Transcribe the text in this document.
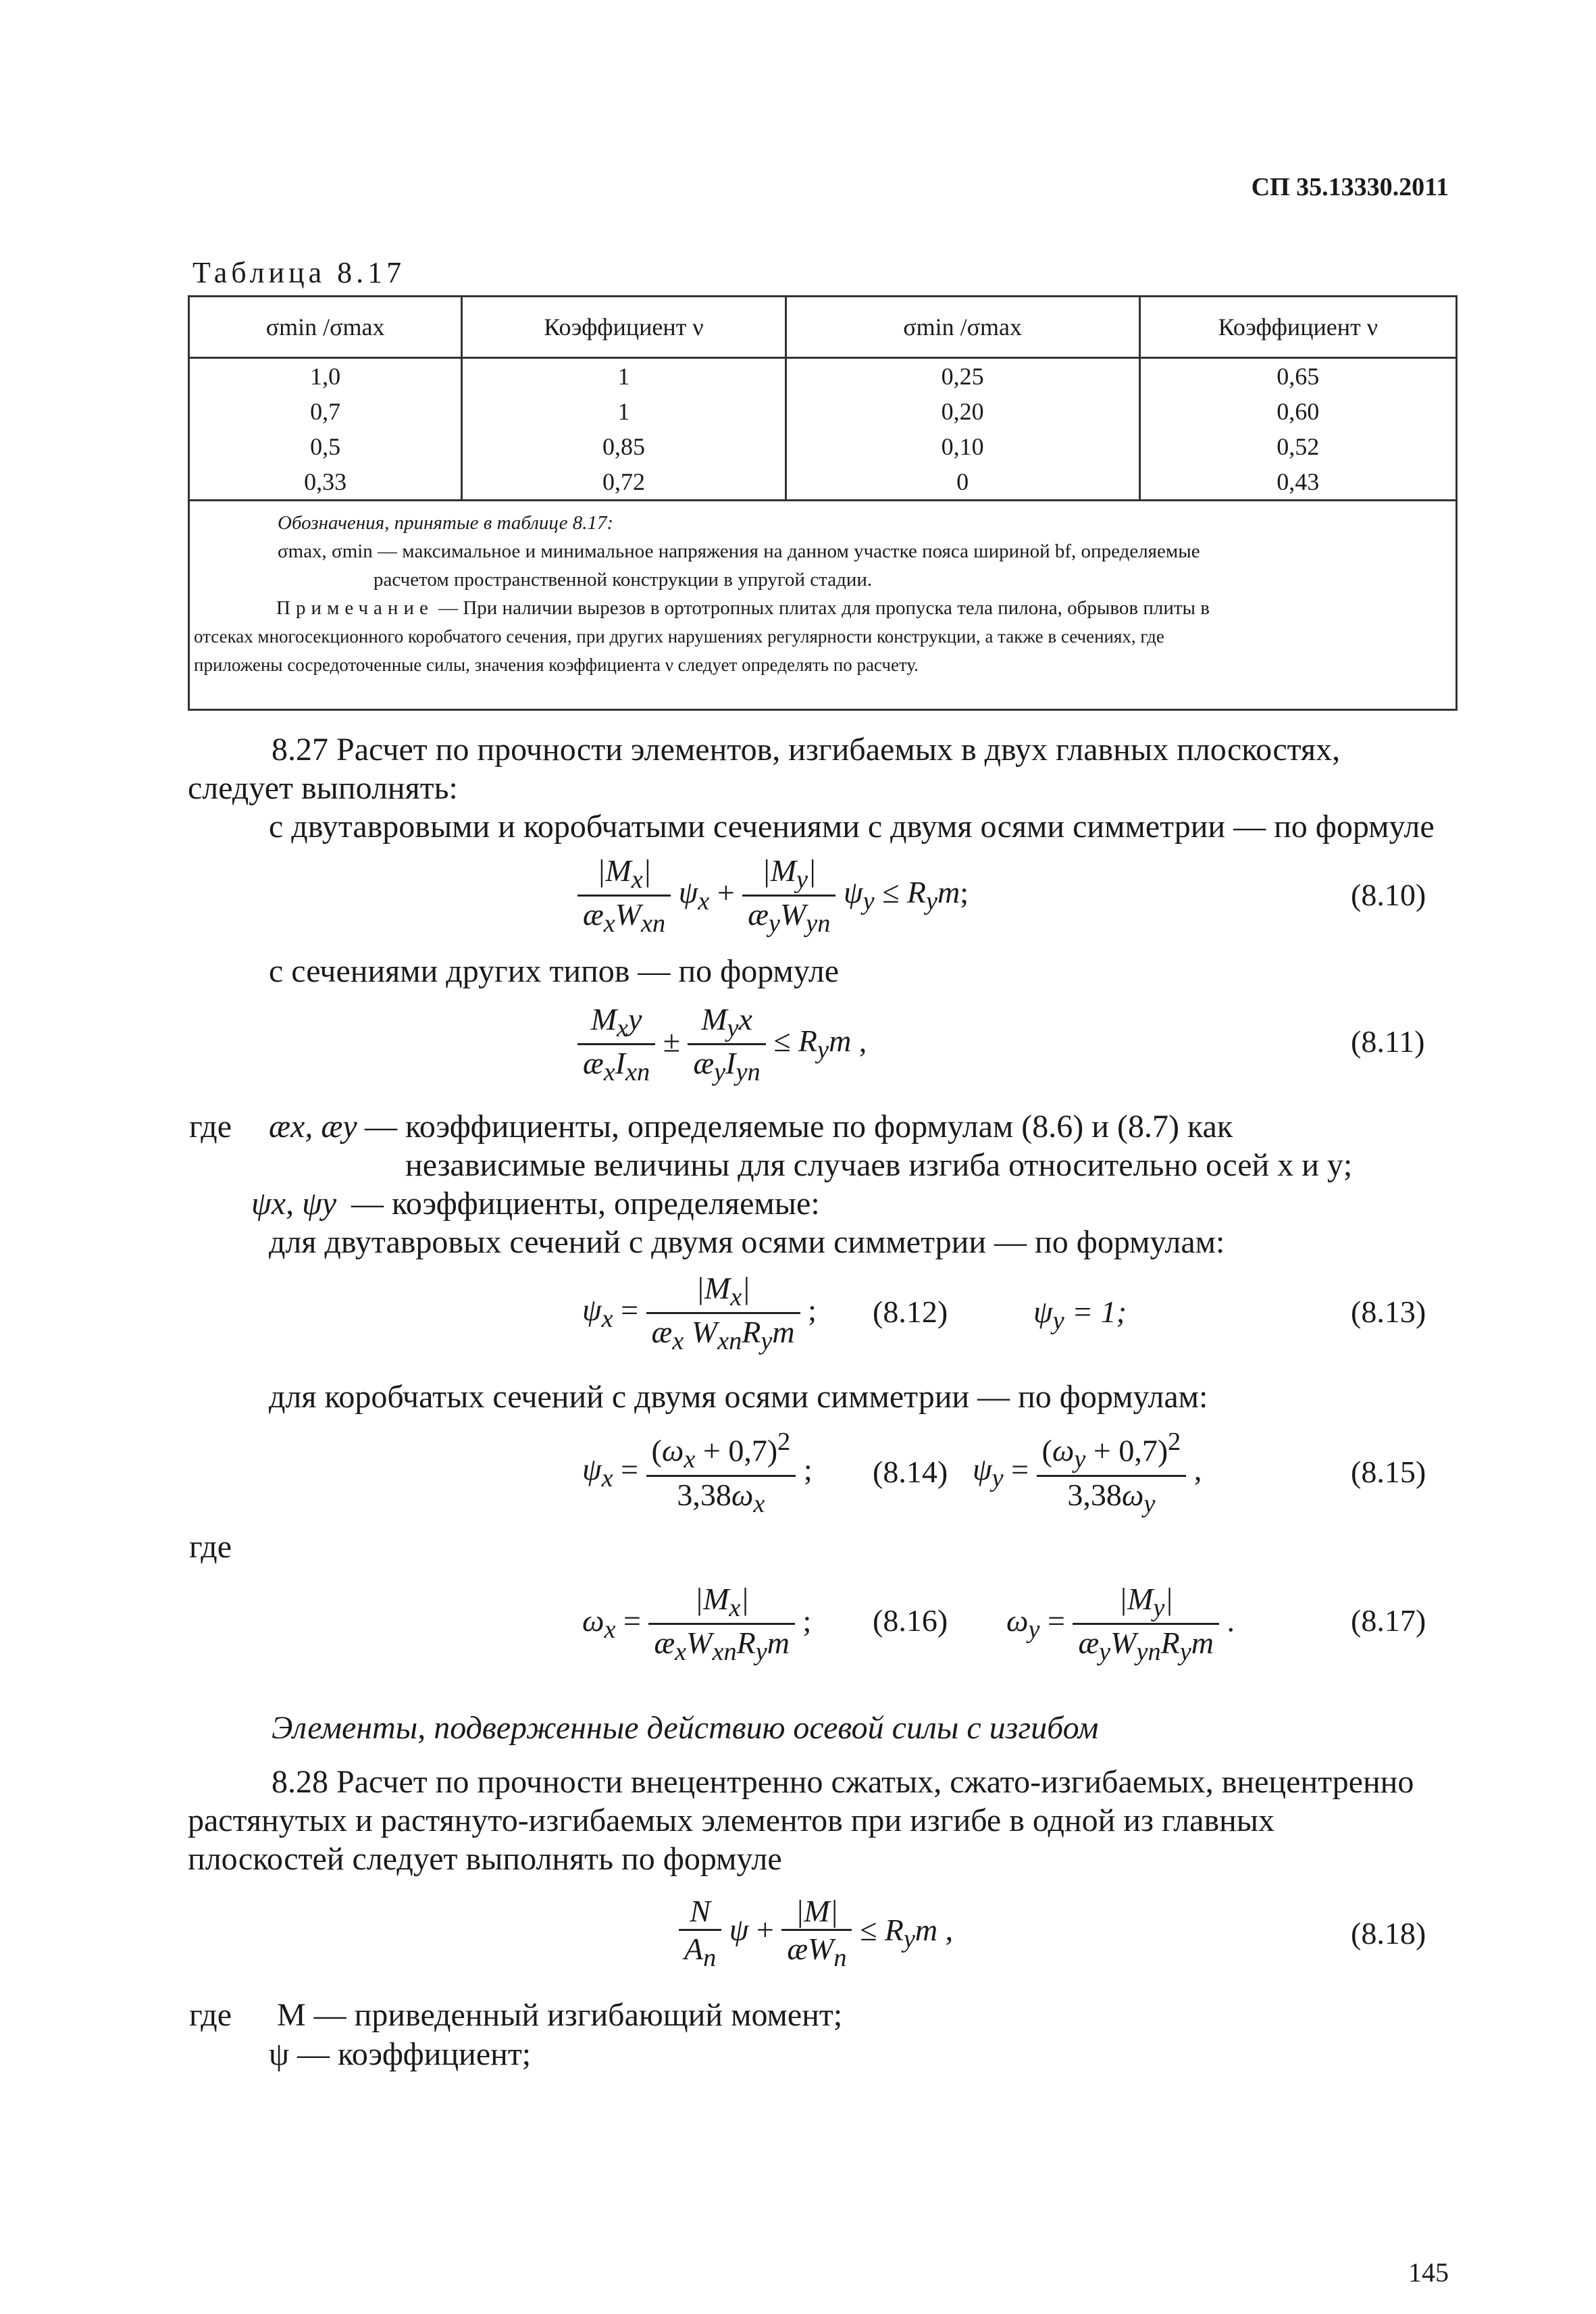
СП 35.13330.2011
Таблица 8.17
σmin /σmax	Коэффициент ν	σmin /σmax	Коэффициент ν
1,0	1	0,25	0,65
0,7	1	0,20	0,60
0,5	0,85	0,10	0,52
0,33	0,72	0	0,43
Обозначения, принятые в таблице 8.17:
σmax, σmin — максимальное и минимальное напряжения на данном участке пояса шириной bf, определяемые
расчетом пространственной конструкции в упругой стадии.
Примечание — При наличии вырезов в ортотропных плитах для пропуска тела пилона, обрывов плиты в
отсеках многосекционного коробчатого сечения, при других нарушениях регулярности конструкции, а также в сечениях, где
приложены сосредоточенные силы, значения коэффициента ν следует определять по расчету.
8.27 Расчет по прочности элементов, изгибаемых в двух главных плоскостях,
следует выполнять:
с двутавровыми и коробчатыми сечениями с двумя осями симметрии — по формуле
$\frac{|M_x|}{æ_xW_{xn}} \psi_x + \frac{|M_y|}{æ_yW_{yn}} \psi_y \le R_ym$;	(8.10)
с сечениями других типов — по формуле
$\frac{M_xy}{æ_xI_{xn}} \pm \frac{M_yx}{æ_yI_{yn}} \le R_ym$ ,	(8.11)
где æx, æy — коэффициенты, определяемые по формулам (8.6) и (8.7) как
независимые величины для случаев изгиба относительно осей x и y;
ψx, ψy — коэффициенты, определяемые:
для двутавровых сечений с двумя осями симметрии — по формулам:
$\psi_x = \frac{|M_x|}{æ_x W_{xn}R_ym}$ ; (8.12)	$\psi_y = 1$;	(8.13)
для коробчатых сечений с двумя осями симметрии — по формулам:
$\psi_x = \frac{(\omega_x + 0,7)^2}{3,38\omega_x}$ ; (8.14) $\psi_y = \frac{(\omega_y + 0,7)^2}{3,38\omega_y}$ ,	(8.15)
где
$\omega_x = \frac{|M_x|}{æ_xW_{xn}R_ym}$ ; (8.16) $\omega_y = \frac{|M_y|}{æ_yW_{yn}R_ym}$ .	(8.17)
Элементы, подверженные действию осевой силы с изгибом
8.28 Расчет по прочности внецентренно сжатых, сжато-изгибаемых, внецентренно
растянутых и растянуто-изгибаемых элементов при изгибе в одной из главных
плоскостей следует выполнять по формуле
$\frac{N}{A_n}$ $\psi + \frac{|M|}{æW_n} \le R_ym$ ,	(8.18)
где M — приведенный изгибающий момент;
ψ — коэффициент;
145
